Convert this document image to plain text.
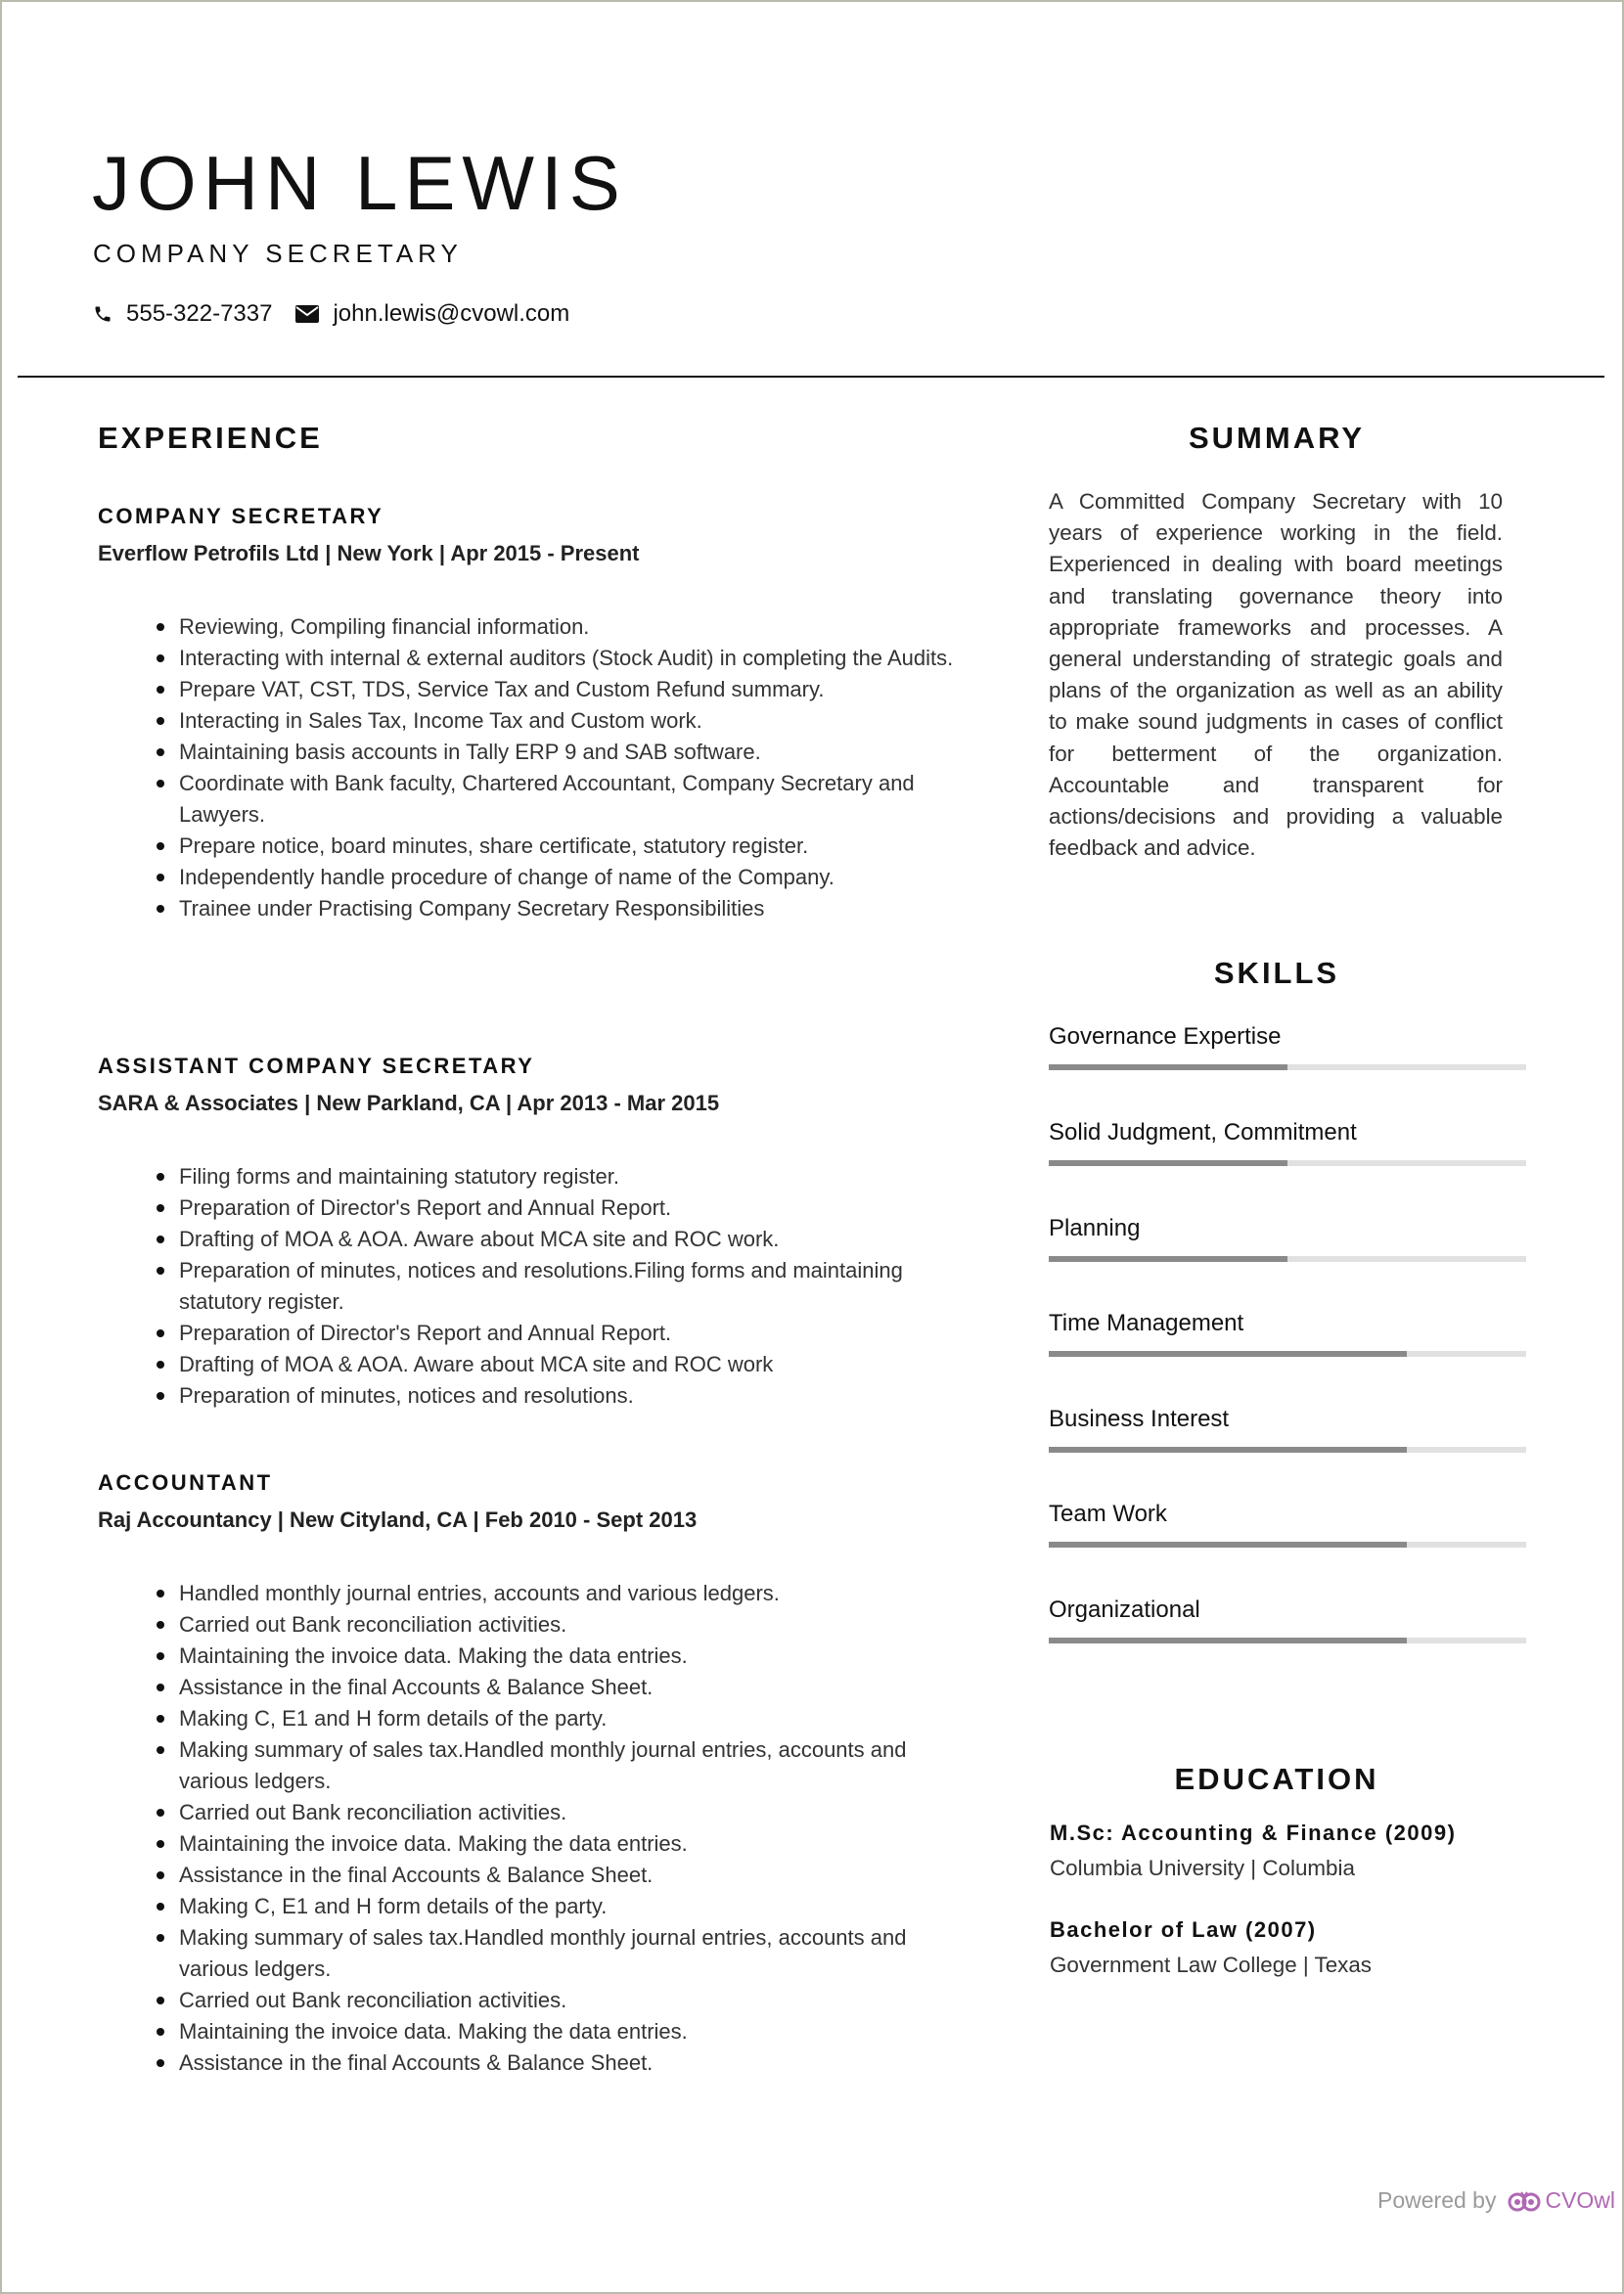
JOHN LEWIS
COMPANY SECRETARY
555-322-7337	john.lewis@cvowl.com
EXPERIENCE
COMPANY SECRETARY
Everflow Petrofils Ltd | New York | Apr 2015 - Present
Reviewing, Compiling financial information.
Interacting with internal & external auditors (Stock Audit) in completing the Audits.
Prepare VAT, CST, TDS, Service Tax and Custom Refund summary.
Interacting in Sales Tax, Income Tax and Custom work.
Maintaining basis accounts in Tally ERP 9 and SAB software.
Coordinate with Bank faculty, Chartered Accountant, Company Secretary and Lawyers.
Prepare notice, board minutes, share certificate, statutory register.
Independently handle procedure of change of name of the Company.
Trainee under Practising Company Secretary Responsibilities
ASSISTANT COMPANY SECRETARY
SARA & Associates | New Parkland, CA | Apr 2013 - Mar 2015
Filing forms and maintaining statutory register.
Preparation of Director's Report and Annual Report.
Drafting of MOA & AOA. Aware about MCA site and ROC work.
Preparation of minutes, notices and resolutions.Filing forms and maintaining statutory register.
Preparation of Director's Report and Annual Report.
Drafting of MOA & AOA. Aware about MCA site and ROC work
Preparation of minutes, notices and resolutions.
ACCOUNTANT
Raj Accountancy | New Cityland, CA | Feb 2010 - Sept 2013
Handled monthly journal entries, accounts and various ledgers.
Carried out Bank reconciliation activities.
Maintaining the invoice data. Making the data entries.
Assistance in the final Accounts & Balance Sheet.
Making C, E1 and H form details of the party.
Making summary of sales tax.Handled monthly journal entries, accounts and various ledgers.
Carried out Bank reconciliation activities.
Maintaining the invoice data. Making the data entries.
Assistance in the final Accounts & Balance Sheet.
Making C, E1 and H form details of the party.
Making summary of sales tax.Handled monthly journal entries, accounts and various ledgers.
Carried out Bank reconciliation activities.
Maintaining the invoice data. Making the data entries.
Assistance in the final Accounts & Balance Sheet.
SUMMARY
A Committed Company Secretary with 10 years of experience working in the field. Experienced in dealing with board meetings and translating governance theory into appropriate frameworks and processes. A general understanding of strategic goals and plans of the organization as well as an ability to make sound judgments in cases of conflict for betterment of the organization. Accountable and transparent for actions/decisions and providing a valuable feedback and advice.
SKILLS
Governance Expertise
Solid Judgment, Commitment
Planning
Time Management
Business Interest
Team Work
Organizational
EDUCATION
M.Sc: Accounting & Finance (2009)
Columbia University | Columbia
Bachelor of Law (2007)
Government Law College | Texas
Powered by CVOwl
